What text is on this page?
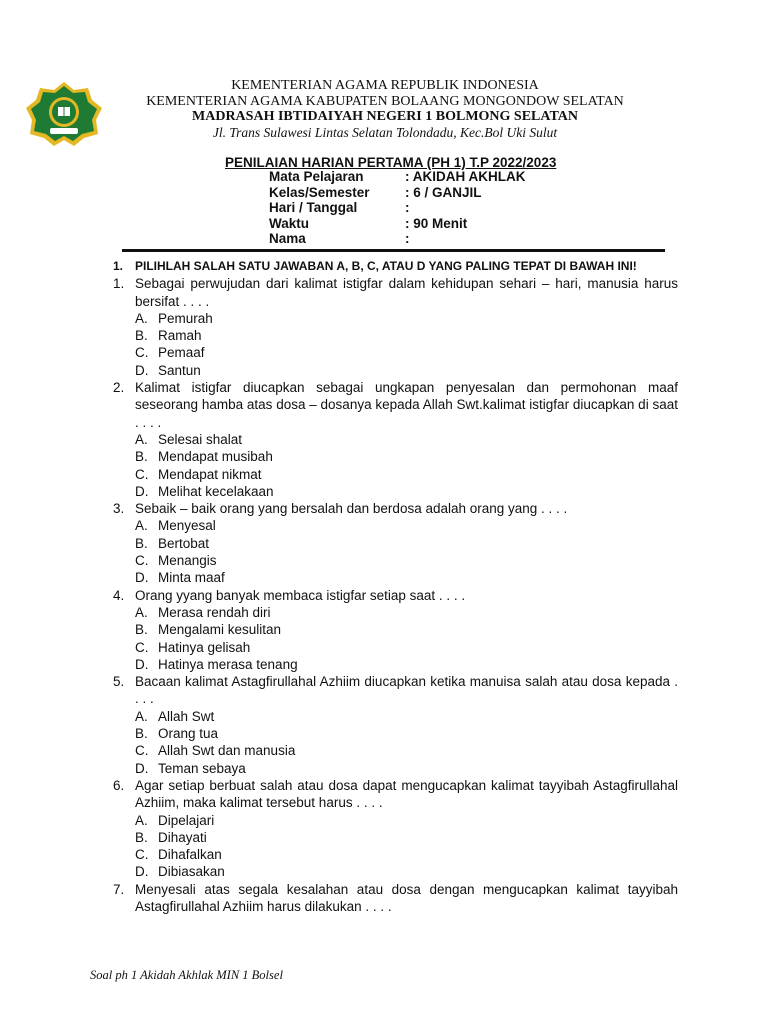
KEMENTERIAN AGAMA REPUBLIK INDONESIA
KEMENTERIAN AGAMA KABUPATEN BOLAANG MONGONDOW SELATAN
MADRASAH IBTIDAIYAH NEGERI 1 BOLMONG SELATAN
Jl. Trans Sulawesi Lintas Selatan Tolondadu, Kec.Bol Uki Sulut
PENILAIAN HARIAN PERTAMA (PH 1) T.P 2022/2023
Mata Pelajaran	: AKIDAH AKHLAK
Kelas/Semester	: 6 / GANJIL
Hari / Tanggal	:
Waktu	: 90 Menit
Nama	:
1. PILIHLAH SALAH SATU JAWABAN A, B, C, ATAU D YANG PALING TEPAT DI BAWAH INI!
1. Sebagai perwujudan dari kalimat istigfar dalam kehidupan sehari – hari, manusia harus bersifat . . . .
A. Pemurah
B. Ramah
C. Pemaaf
D. Santun
2. Kalimat istigfar diucapkan sebagai ungkapan penyesalan dan permohonan maaf seseorang hamba atas dosa – dosanya kepada Allah Swt.kalimat istigfar diucapkan di saat . . . .
A. Selesai shalat
B. Mendapat musibah
C. Mendapat nikmat
D. Melihat kecelakaan
3. Sebaik – baik orang yang bersalah dan berdosa adalah orang yang . . . .
A. Menyesal
B. Bertobat
C. Menangis
D. Minta maaf
4. Orang yyang banyak membaca istigfar setiap saat . . . .
A. Merasa rendah diri
B. Mengalami kesulitan
C. Hatinya gelisah
D. Hatinya merasa tenang
5. Bacaan kalimat Astagfirullahal Azhiim diucapkan ketika manuisa salah atau dosa kepada . . . .
A. Allah Swt
B. Orang tua
C. Allah Swt dan manusia
D. Teman sebaya
6. Agar setiap berbuat salah atau dosa dapat mengucapkan kalimat tayyibah Astagfirullahal Azhiim, maka kalimat tersebut harus . . . .
A. Dipelajari
B. Dihayati
C. Dihafalkan
D. Dibiasakan
7. Menyesali atas segala kesalahan atau dosa dengan mengucapkan kalimat tayyibah Astagfirullahal Azhiim harus dilakukan . . . .
Soal ph 1 Akidah Akhlak MIN 1 Bolsel
